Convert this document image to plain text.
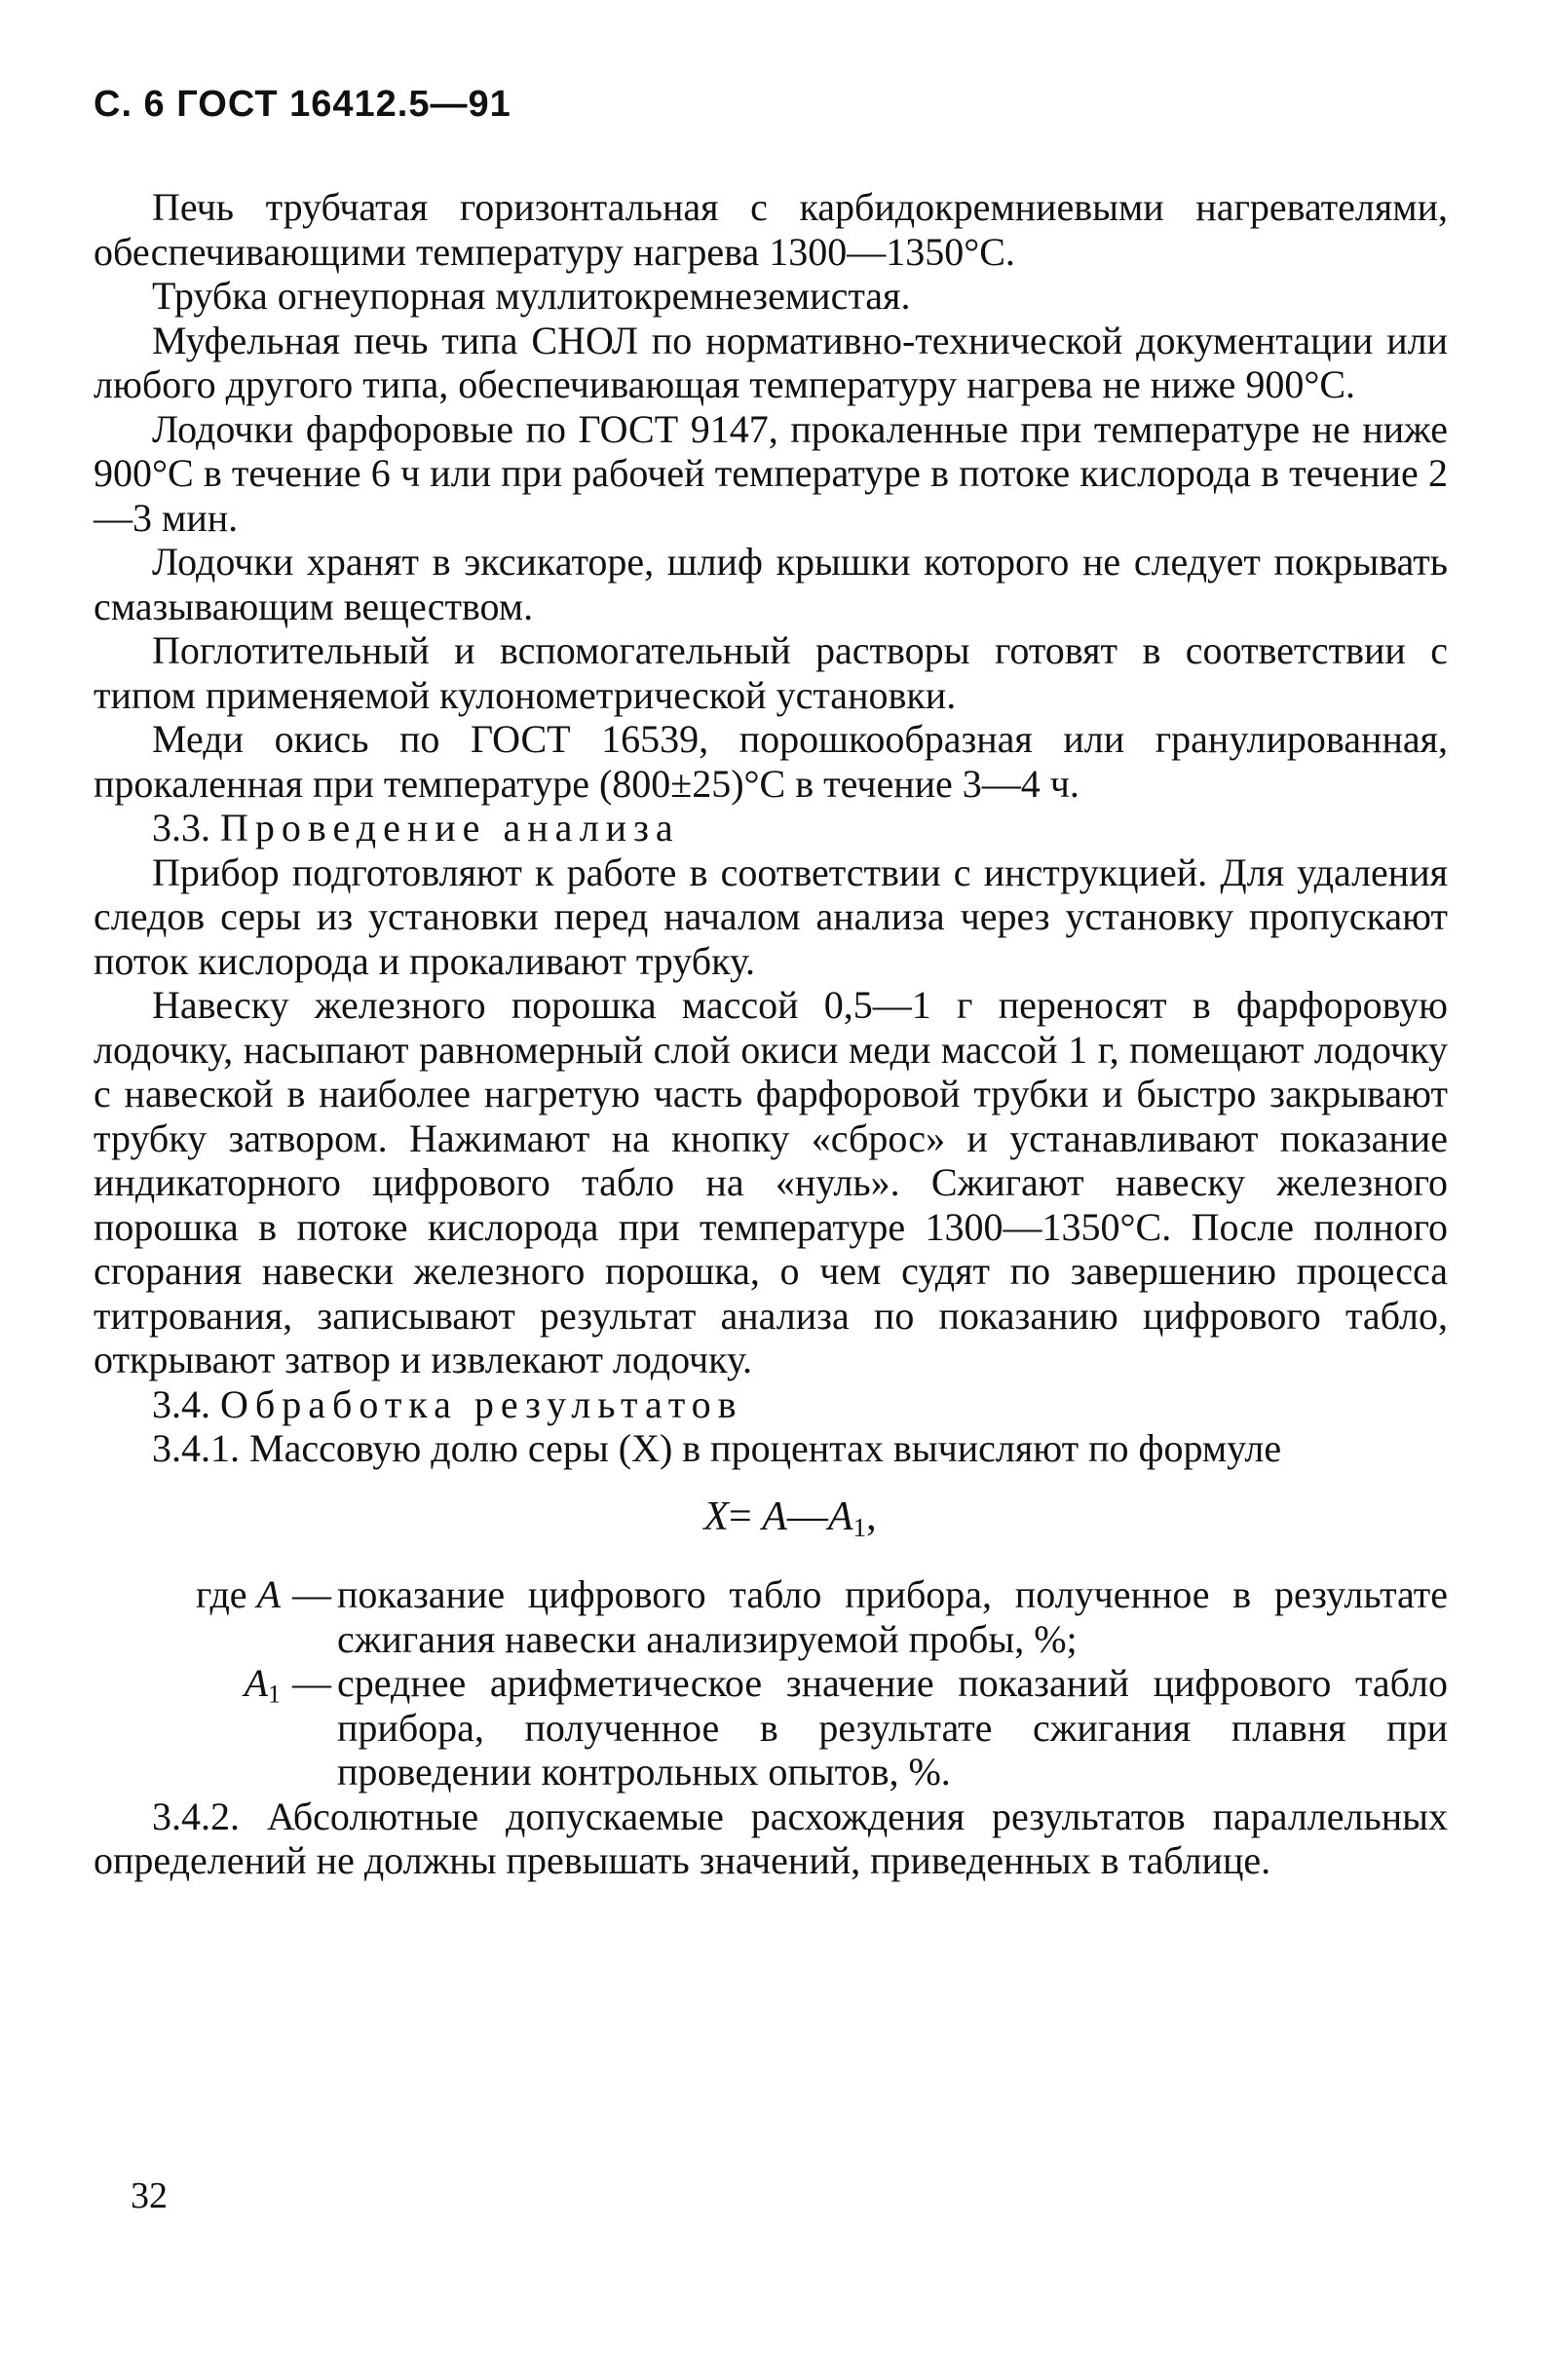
С. 6 ГОСТ 16412.5—91

Печь трубчатая горизонтальная с карбидокремниевыми нагревателями, обеспечивающими температуру нагрева 1300—1350°С.

Трубка огнеупорная муллитокремнеземистая.

Муфельная печь типа СНОЛ по нормативно-технической документации или любого другого типа, обеспечивающая температуру нагрева не ниже 900°С.

Лодочки фарфоровые по ГОСТ 9147, прокаленные при температуре не ниже 900°С в течение 6 ч или при рабочей температуре в потоке кислорода в течение 2—3 мин.

Лодочки хранят в эксикаторе, шлиф крышки которого не следует покрывать смазывающим веществом.

Поглотительный и вспомогательный растворы готовят в соответствии с типом применяемой кулонометрической установки.

Меди окись по ГОСТ 16539, порошкообразная или гранулированная, прокаленная при температуре (800±25)°С в течение 3—4 ч.

3.3. Проведение анализа

Прибор подготовляют к работе в соответствии с инструкцией. Для удаления следов серы из установки перед началом анализа через установку пропускают поток кислорода и прокаливают трубку.

Навеску железного порошка массой 0,5—1 г переносят в фарфоровую лодочку, насыпают равномерный слой окиси меди массой 1 г, помещают лодочку с навеской в наиболее нагретую часть фарфоровой трубки и быстро закрывают трубку затвором. Нажимают на кнопку «сброс» и устанавливают показание индикаторного цифрового табло на «нуль». Сжигают навеску железного порошка в потоке кислорода при температуре 1300—1350°С. После полного сгорания навески железного порошка, о чем судят по завершению процесса титрования, записывают результат анализа по показанию цифрового табло, открывают затвор и извлекают лодочку.

3.4. Обработка результатов

3.4.1. Массовую долю серы (X) в процентах вычисляют по формуле

$X= A—A_1$,
где A — показание цифрового табло прибора, полученное в результате сжигания навески анализируемой пробы, %;
$A_1$ — среднее арифметическое значение показаний цифрового табло прибора, полученное в результате сжигания плавня при проведении контрольных опытов, %.

3.4.2. Абсолютные допускаемые расхождения результатов параллельных определений не должны превышать значений, приведенных в таблице.

32
